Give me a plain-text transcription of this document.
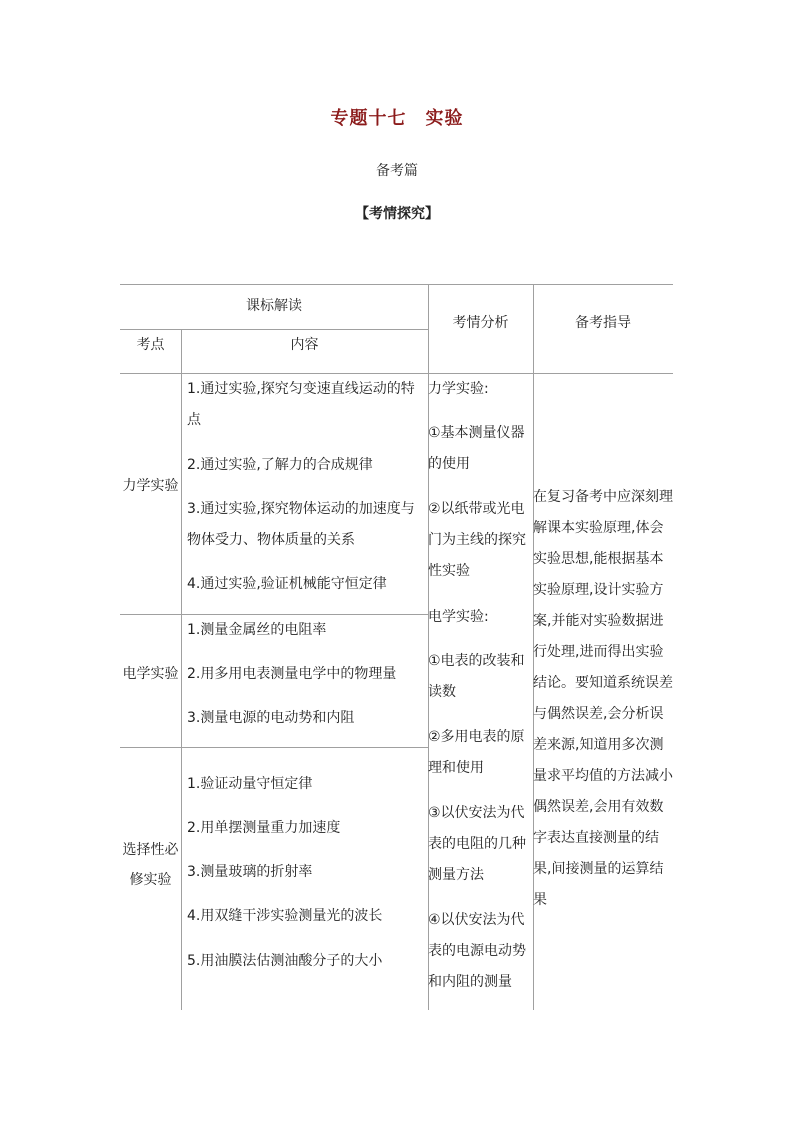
专题十七　实验
备考篇
【考情探究】
课标解读
考点	内容
考情分析	备考指导
力学实验
1.通过实验,探究匀变速直线运动的特点
2.通过实验,了解力的合成规律
3.通过实验,探究物体运动的加速度与物体受力、物体质量的关系
4.通过实验,验证机械能守恒定律
电学实验
1.测量金属丝的电阻率
2.用多用电表测量电学中的物理量
3.测量电源的电动势和内阻
选择性必修实验
1.验证动量守恒定律
2.用单摆测量重力加速度
3.测量玻璃的折射率
4.用双缝干涉实验测量光的波长
5.用油膜法估测油酸分子的大小
力学实验:
①基本测量仪器的使用
②以纸带或光电门为主线的探究性实验
电学实验:
①电表的改装和读数
②多用电表的原理和使用
③以伏安法为代表的电阻的几种测量方法
④以伏安法为代表的电源电动势和内阻的测量
在复习备考中应深刻理解课本实验原理,体会实验思想,能根据基本实验原理,设计实验方案,并能对实验数据进行处理,进而得出实验结论。要知道系统误差与偶然误差,会分析误差来源,知道用多次测量求平均值的方法减小偶然误差,会用有效数字表达直接测量的结果,间接测量的运算结果
